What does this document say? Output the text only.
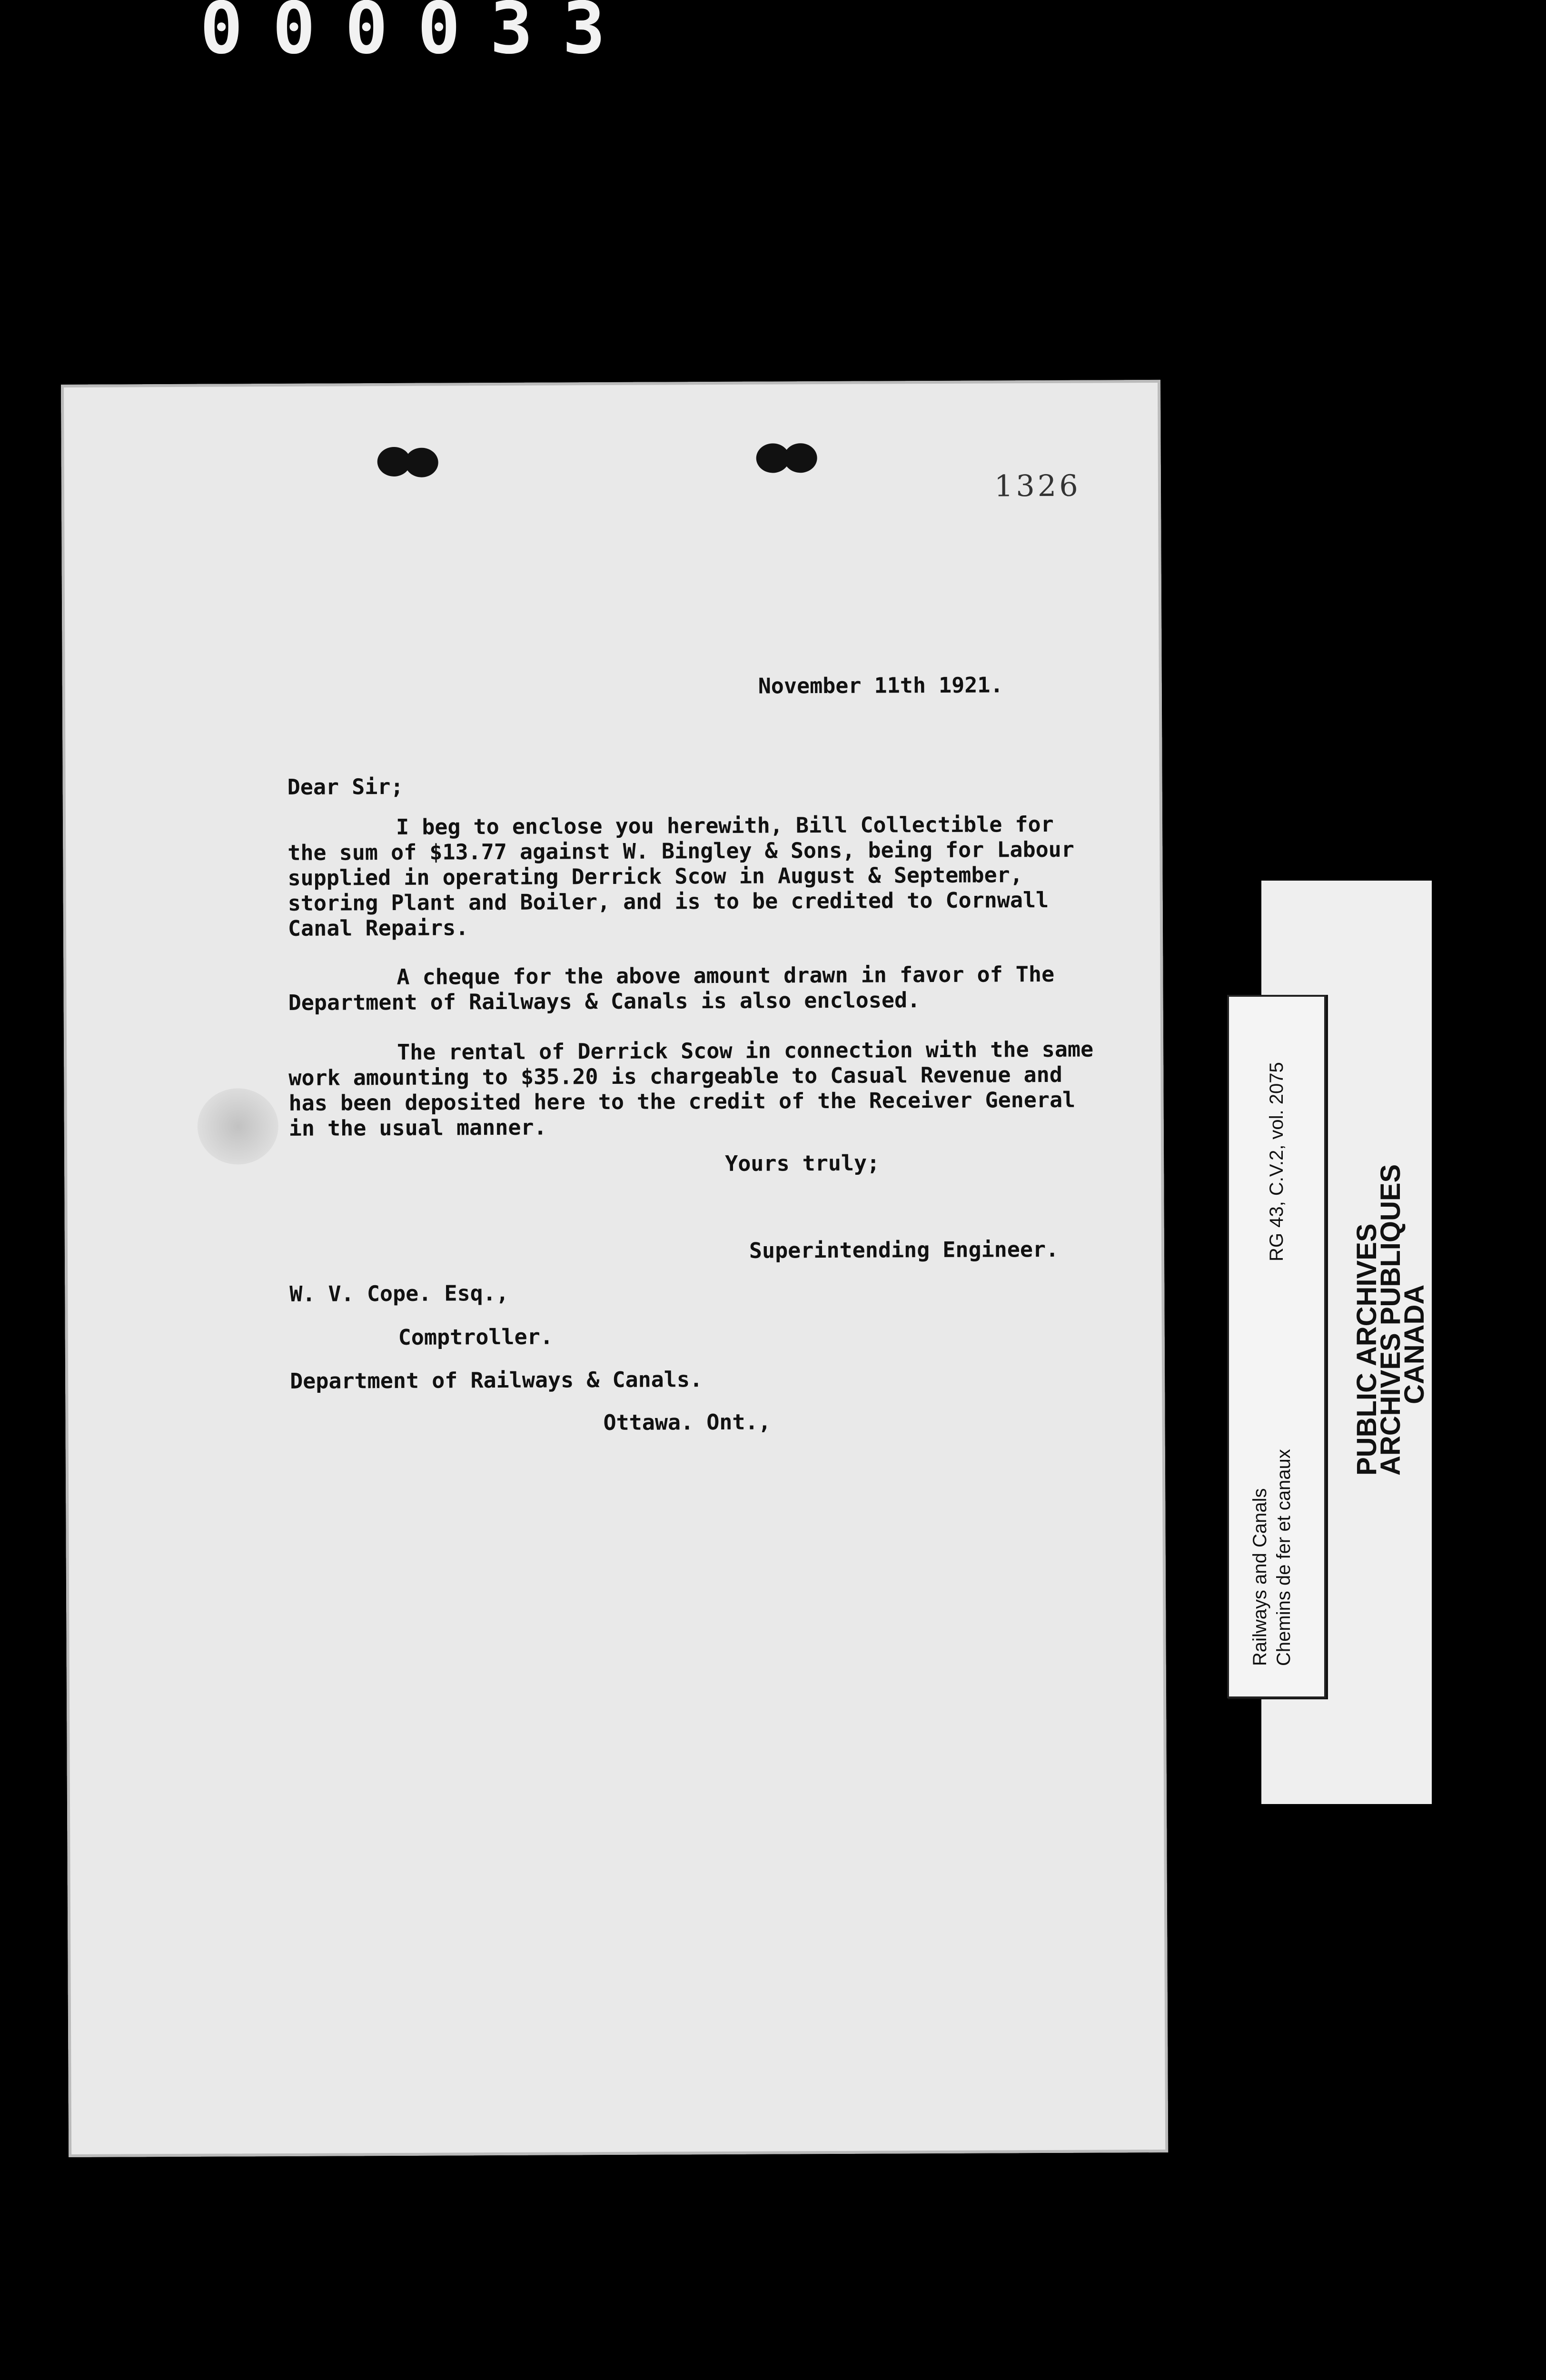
000033
1326

November 11th 1921.

Dear Sir;

I beg to enclose you herewith, Bill Collectible for

the sum of $13.77 against W. Bingley & Sons, being for Labour

supplied in operating Derrick Scow in August & September,

storing Plant and Boiler, and is to be credited to Cornwall

Canal Repairs.

A cheque for the above amount drawn in favor of The

Department of Railways & Canals is also enclosed.

The rental of Derrick Scow in connection with the same

work amounting to $35.20 is chargeable to Casual Revenue and

has been deposited here to the credit of the Receiver General

in the usual manner.

Yours truly;

Superintending Engineer.

W. V. Cope. Esq.,

Comptroller.

Department of Railways & Canals.

Ottawa. Ont.,

	PUBLIC ARCHIVES
ARCHIVES PUBLIQUES
CANADA
Railways and Canals Chemins de fer et canaux
RG 43, C.V.2, vol. 2075
